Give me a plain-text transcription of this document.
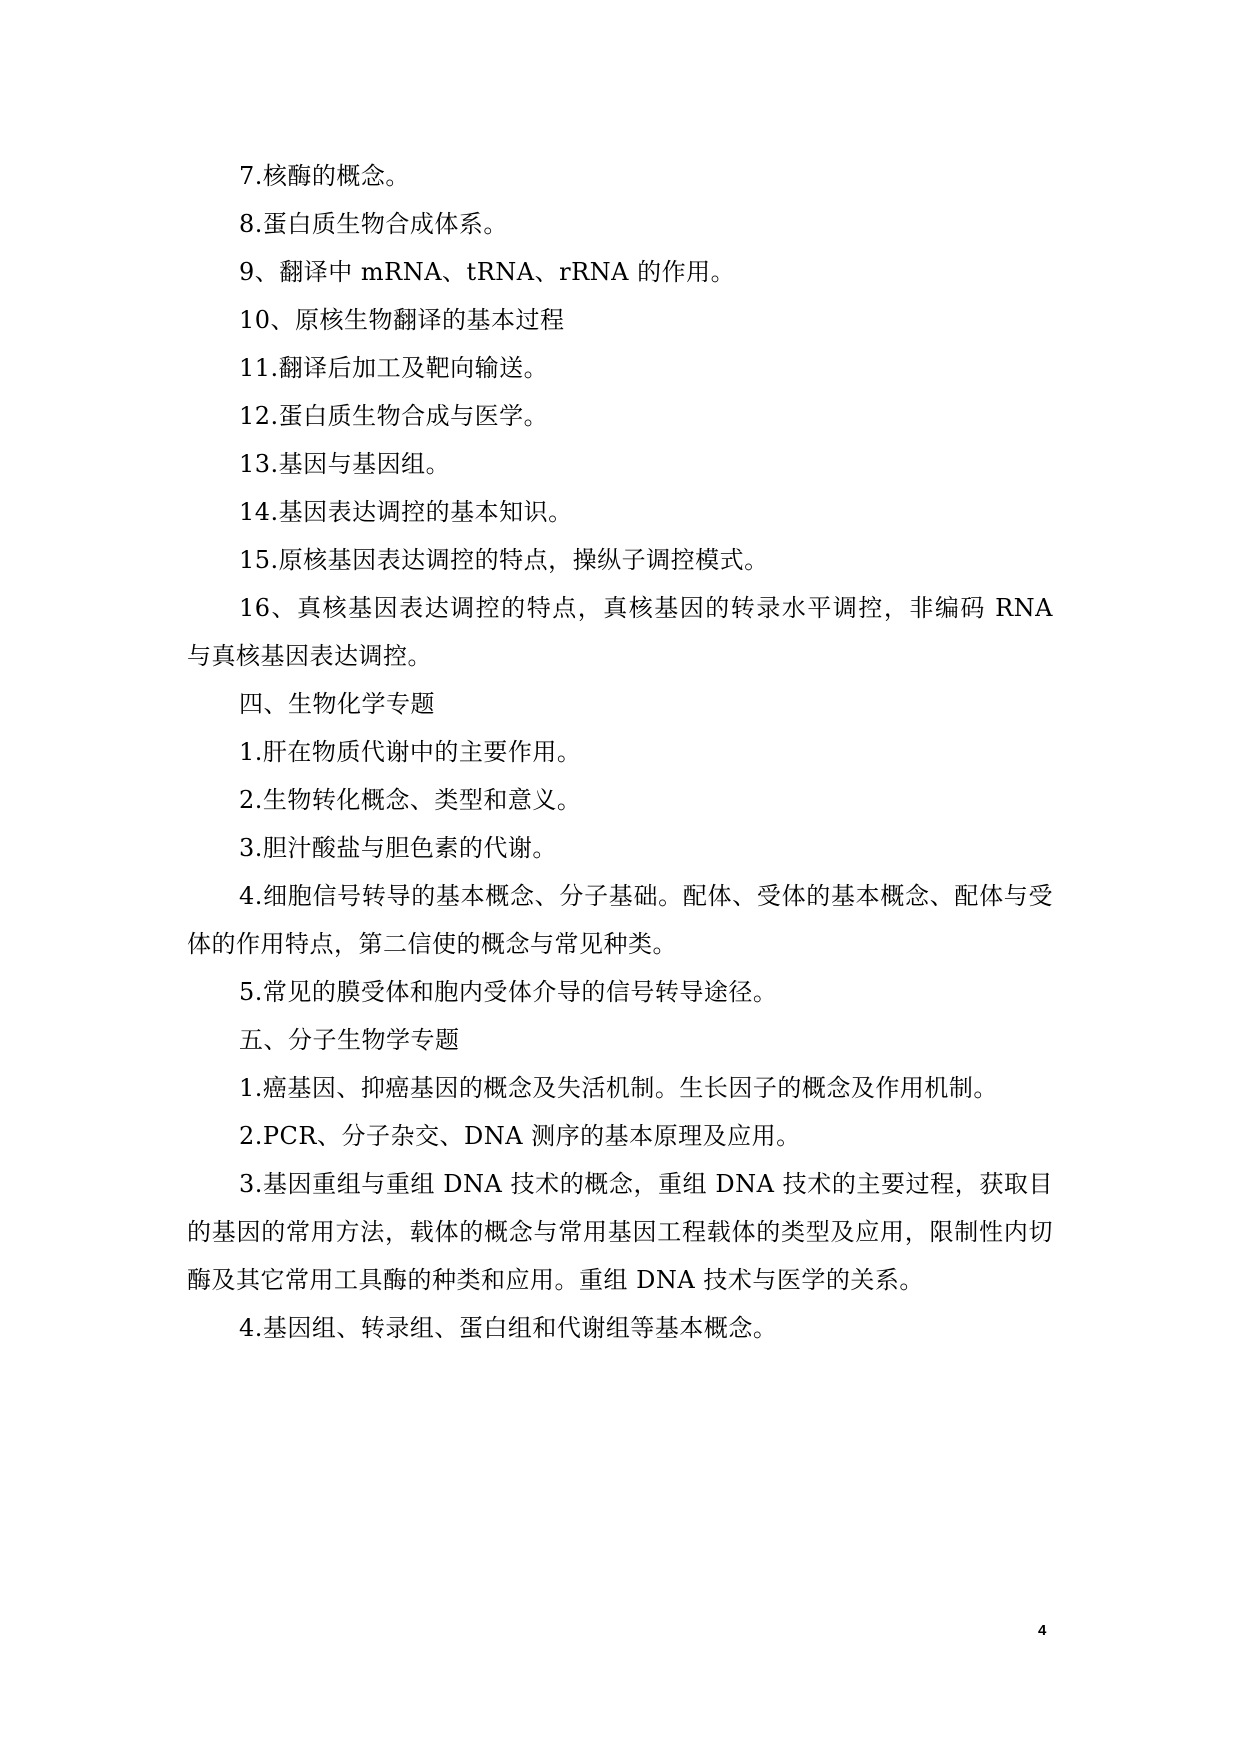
7.核酶的概念。

8.蛋白质生物合成体系。

9、翻译中 mRNA、tRNA、rRNA 的作用。

10、原核生物翻译的基本过程

11.翻译后加工及靶向输送。

12.蛋白质生物合成与医学。

13.基因与基因组。

14.基因表达调控的基本知识。

15.原核基因表达调控的特点，操纵子调控模式。

16、真核基因表达调控的特点，真核基因的转录水平调控，非编码 RNA 与真核基因表达调控。

四、生物化学专题

1.肝在物质代谢中的主要作用。

2.生物转化概念、类型和意义。

3.胆汁酸盐与胆色素的代谢。

4.细胞信号转导的基本概念、分子基础。配体、受体的基本概念、配体与受体的作用特点，第二信使的概念与常见种类。

5.常见的膜受体和胞内受体介导的信号转导途径。

五、分子生物学专题

1.癌基因、抑癌基因的概念及失活机制。生长因子的概念及作用机制。

2.PCR、分子杂交、DNA 测序的基本原理及应用。

3.基因重组与重组 DNA 技术的概念，重组 DNA 技术的主要过程，获取目的基因的常用方法，载体的概念与常用基因工程载体的类型及应用，限制性内切酶及其它常用工具酶的种类和应用。重组 DNA 技术与医学的关系。

4.基因组、转录组、蛋白组和代谢组等基本概念。

4
